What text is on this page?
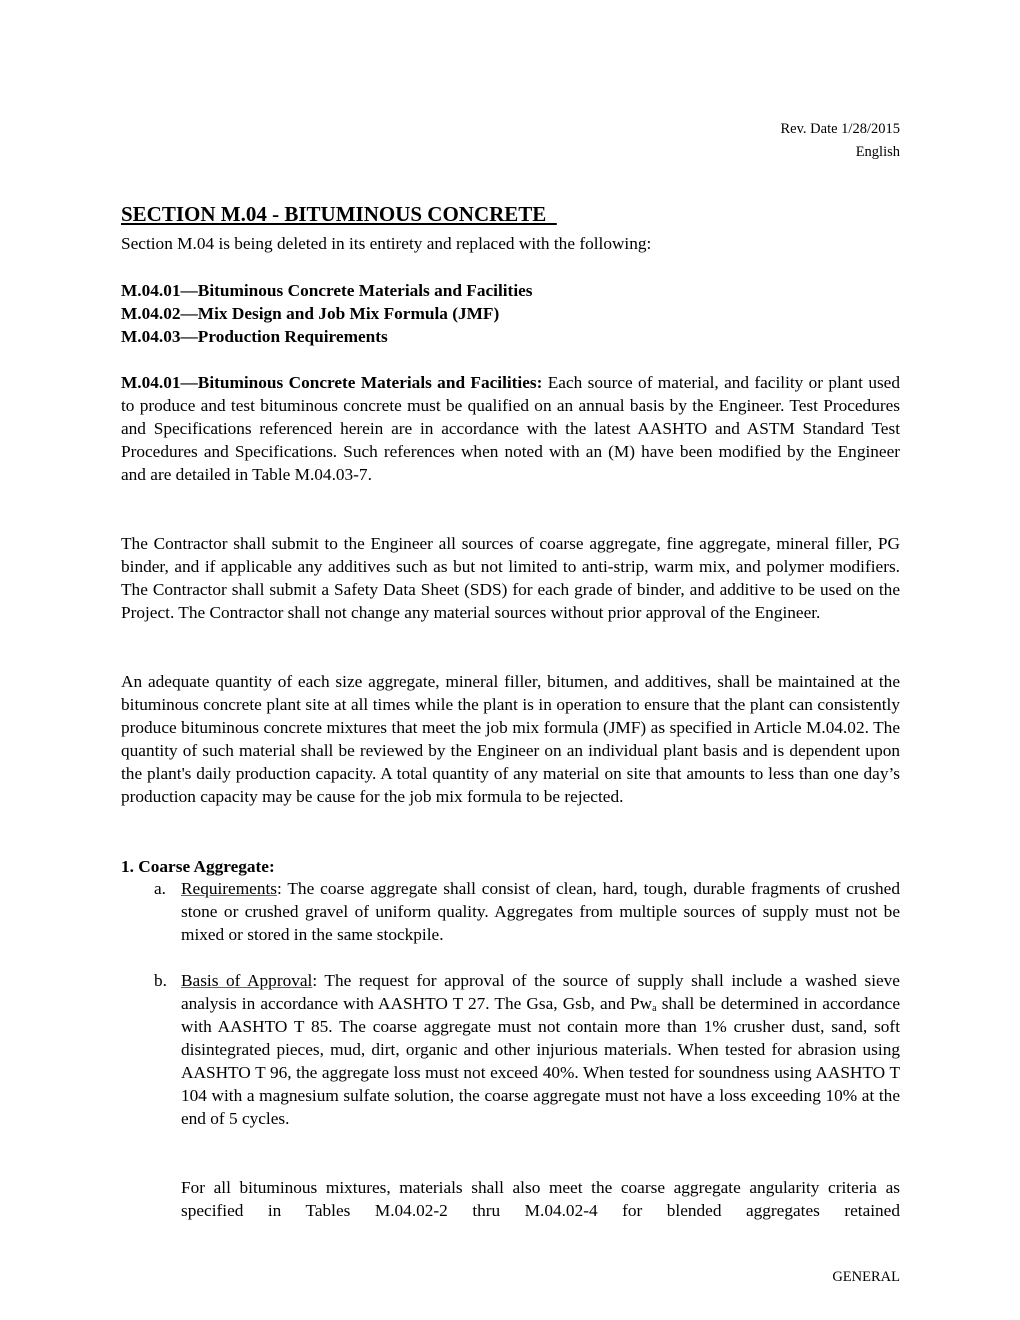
Rev. Date 1/28/2015
English
SECTION M.04 - BITUMINOUS CONCRETE
Section M.04 is being deleted in its entirety and replaced with the following:
M.04.01—Bituminous Concrete Materials and Facilities
M.04.02—Mix Design and Job Mix Formula (JMF)
M.04.03—Production Requirements
M.04.01—Bituminous Concrete Materials and Facilities: Each source of material, and facility or plant used to produce and test bituminous concrete must be qualified on an annual basis by the Engineer. Test Procedures and Specifications referenced herein are in accordance with the latest AASHTO and ASTM Standard Test Procedures and Specifications. Such references when noted with an (M) have been modified by the Engineer and are detailed in Table M.04.03-7.
The Contractor shall submit to the Engineer all sources of coarse aggregate, fine aggregate, mineral filler, PG binder, and if applicable any additives such as but not limited to anti-strip, warm mix, and polymer modifiers. The Contractor shall submit a Safety Data Sheet (SDS) for each grade of binder, and additive to be used on the Project. The Contractor shall not change any material sources without prior approval of the Engineer.
An adequate quantity of each size aggregate, mineral filler, bitumen, and additives, shall be maintained at the bituminous concrete plant site at all times while the plant is in operation to ensure that the plant can consistently produce bituminous concrete mixtures that meet the job mix formula (JMF) as specified in Article M.04.02. The quantity of such material shall be reviewed by the Engineer on an individual plant basis and is dependent upon the plant's daily production capacity. A total quantity of any material on site that amounts to less than one day’s production capacity may be cause for the job mix formula to be rejected.
1. Coarse Aggregate:
a. Requirements: The coarse aggregate shall consist of clean, hard, tough, durable fragments of crushed stone or crushed gravel of uniform quality. Aggregates from multiple sources of supply must not be mixed or stored in the same stockpile.
b. Basis of Approval: The request for approval of the source of supply shall include a washed sieve analysis in accordance with AASHTO T 27. The Gsa, Gsb, and $Pw_a$ shall be determined in accordance with AASHTO T 85. The coarse aggregate must not contain more than 1% crusher dust, sand, soft disintegrated pieces, mud, dirt, organic and other injurious materials. When tested for abrasion using AASHTO T 96, the aggregate loss must not exceed 40%. When tested for soundness using AASHTO T 104 with a magnesium sulfate solution, the coarse aggregate must not have a loss exceeding 10% at the end of 5 cycles.
For all bituminous mixtures, materials shall also meet the coarse aggregate angularity criteria as specified in Tables M.04.02-2 thru M.04.02-4 for blended aggregates retained
GENERAL
